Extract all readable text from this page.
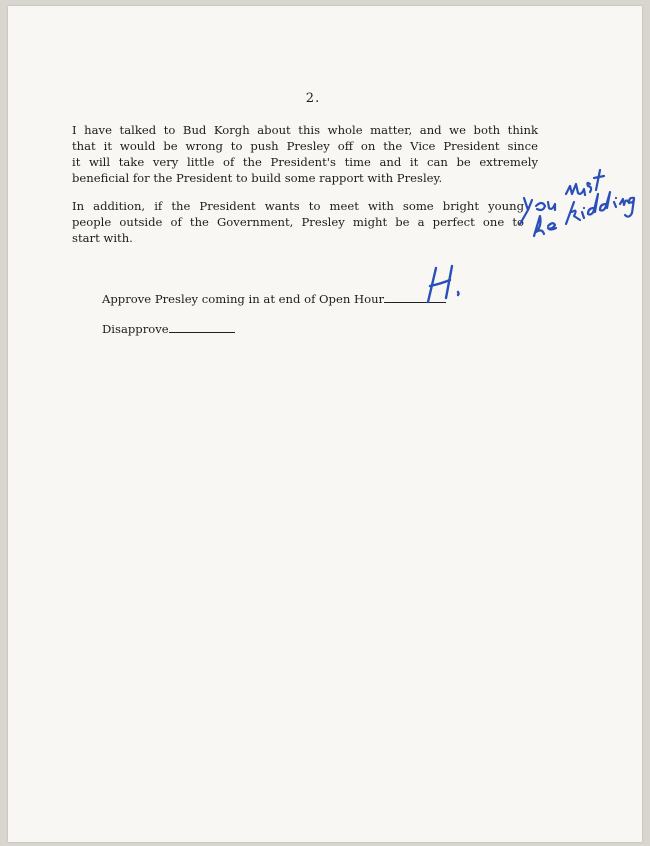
2.

I have talked to Bud Korgh about this whole matter, and we both think
that it would be wrong to push Presley off on the Vice President since
it will take very little of the President's time and it can be extremely
beneficial for the President to build some rapport with Presley.

In addition, if the President wants to meet with some bright young
people outside of the Government, Presley might be a perfect one to
start with.

Approve Presley coming in at end of Open Hour
Disapprove
